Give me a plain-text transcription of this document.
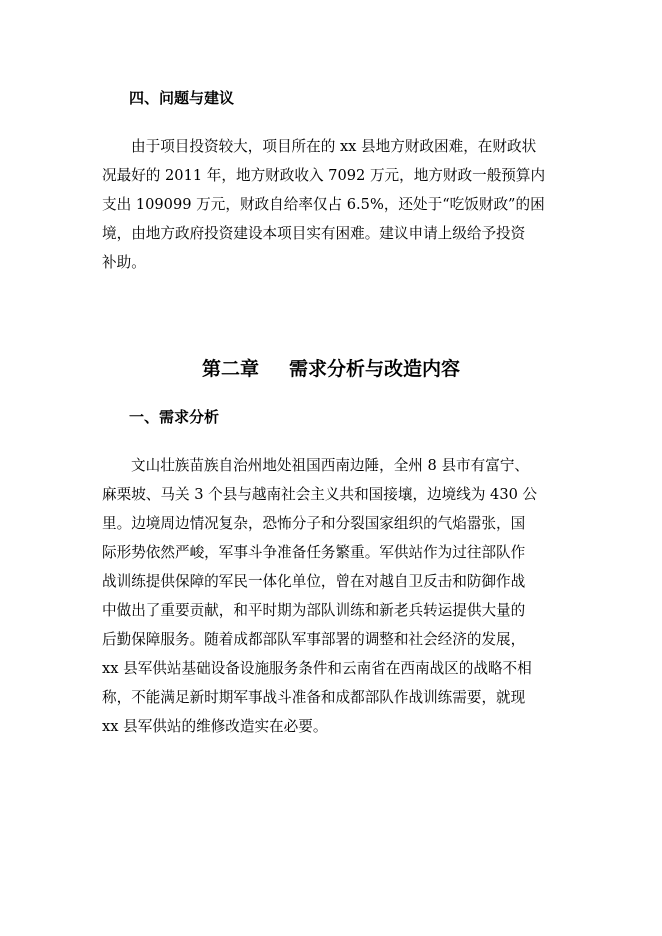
四、问题与建议
由于项目投资较大，项目所在的 xx 县地方财政困难，在财政状
况最好的 2011 年，地方财政收入 7092 万元，地方财政一般预算内
支出 109099 万元，财政自给率仅占 6.5%，还处于“吃饭财政”的困
境，由地方政府投资建设本项目实有困难。建议申请上级给予投资
补助。
第二章 需求分析与改造内容
一、需求分析
文山壮族苗族自治州地处祖国西南边陲，全州 8 县市有富宁、
麻栗坡、马关 3 个县与越南社会主义共和国接壤，边境线为 430 公
里。边境周边情况复杂，恐怖分子和分裂国家组织的气焰嚣张，国
际形势依然严峻，军事斗争准备任务繁重。军供站作为过往部队作
战训练提供保障的军民一体化单位，曾在对越自卫反击和防御作战
中做出了重要贡献，和平时期为部队训练和新老兵转运提供大量的
后勤保障服务。随着成都部队军事部署的调整和社会经济的发展，
xx 县军供站基础设备设施服务条件和云南省在西南战区的战略不相
称，不能满足新时期军事战斗准备和成都部队作战训练需要，就现
xx 县军供站的维修改造实在必要。
